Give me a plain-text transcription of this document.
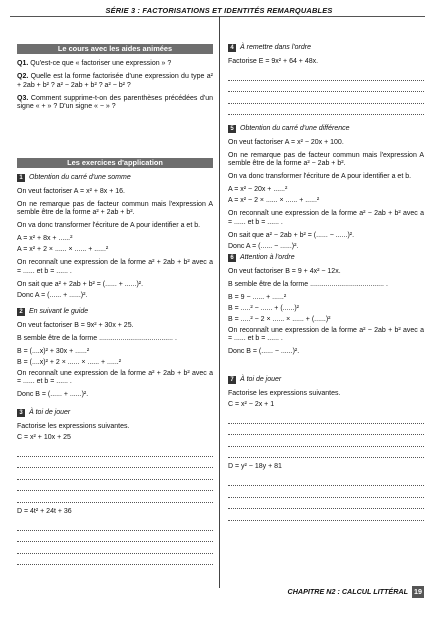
SÉRIE 3 : FACTORISATIONS ET IDENTITÉS REMARQUABLES
Le cours avec les aides animées
Q1. Qu'est-ce que « factoriser une expression » ?
Q2. Quelle est la forme factorisée d'une expression du type a² + 2ab + b² ? a² − 2ab + b² ? a² − b² ?
Q3. Comment supprime-t-on des parenthèses précédées d'un signe « + » ? D'un signe « − » ?
Les exercices d'application
1 Obtention du carré d'une somme
On veut factoriser A = x² + 8x + 16.
On ne remarque pas de facteur commun mais l'expression A semble être de la forme a² + 2ab + b².
On va donc transformer l'écriture de A pour identifier a et b.
A = x² + 8x + ......²
A = x² + 2 × ...... × ...... + ......²
On reconnaît une expression de la forme a² + 2ab + b² avec a = ...... et b = ...... .
On sait que a² + 2ab + b² = (...... + ......)².
Donc A = (...... + ......)².
2 En suivant le guide
On veut factoriser B = 9x² + 30x + 25.
B semble être de la forme ...................................... .
B = (....x)² + 30x + ......²
B = (....x)² + 2 × ...... × ...... + ......²
On reconnaît une expression de la forme a² + 2ab + b² avec a = ...... et b = ...... .
Donc B = (...... + ......)².
3 À toi de jouer
Factorise les expressions suivantes.
C = x² + 10x + 25
D = 4t² + 24t + 36
4 À remettre dans l'ordre
Factorise E = 9x² + 64 + 48x.
5 Obtention du carré d'une différence
On veut factoriser A = x² − 20x + 100.
On ne remarque pas de facteur commun mais l'expression A semble être de la forme a² − 2ab + b².
On va donc transformer l'écriture de A pour identifier a et b.
A = x² − 20x + ......²
A = x² − 2 × ...... × ...... + ......²
On reconnaît une expression de la forme a² − 2ab + b² avec a = ...... et b = ...... .
On sait que a² − 2ab + b² = (...... − ......)².
Donc A = (...... − ......)².
6 Attention à l'ordre
On veut factoriser B = 9 + 4x² − 12x.
B semble être de la forme ...................................... .
B = 9 − ...... + ......²
B = .....² − ...... + (......)²
B = .....² − 2 × ...... × ...... + (......)²
On reconnaît une expression de la forme a² − 2ab + b² avec a = ...... et b = ...... .
Donc B = (...... − ......)².
7 À toi de jouer
Factorise les expressions suivantes.
C = x² − 2x + 1
D = y² − 18y + 81
CHAPITRE N2 : CALCUL LITTÉRAL 19
